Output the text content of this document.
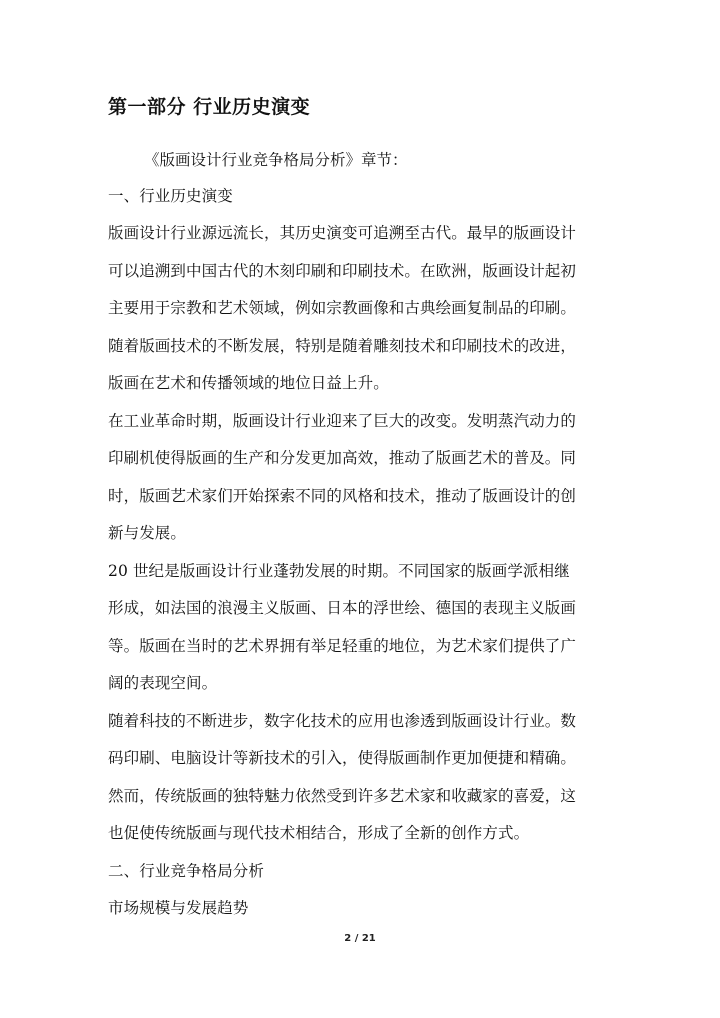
第一部分 行业历史演变
《版画设计行业竞争格局分析》章节：
一、行业历史演变
版画设计行业源远流长，其历史演变可追溯至古代。最早的版画设计
可以追溯到中国古代的木刻印刷和印刷技术。在欧洲，版画设计起初
主要用于宗教和艺术领域，例如宗教画像和古典绘画复制品的印刷。
随着版画技术的不断发展，特别是随着雕刻技术和印刷技术的改进，
版画在艺术和传播领域的地位日益上升。
在工业革命时期，版画设计行业迎来了巨大的改变。发明蒸汽动力的
印刷机使得版画的生产和分发更加高效，推动了版画艺术的普及。同
时，版画艺术家们开始探索不同的风格和技术，推动了版画设计的创
新与发展。
20 世纪是版画设计行业蓬勃发展的时期。不同国家的版画学派相继
形成，如法国的浪漫主义版画、日本的浮世绘、德国的表现主义版画
等。版画在当时的艺术界拥有举足轻重的地位，为艺术家们提供了广
阔的表现空间。
随着科技的不断进步，数字化技术的应用也渗透到版画设计行业。数
码印刷、电脑设计等新技术的引入，使得版画制作更加便捷和精确。
然而，传统版画的独特魅力依然受到许多艺术家和收藏家的喜爱，这
也促使传统版画与现代技术相结合，形成了全新的创作方式。
二、行业竞争格局分析
市场规模与发展趋势
2 / 21
